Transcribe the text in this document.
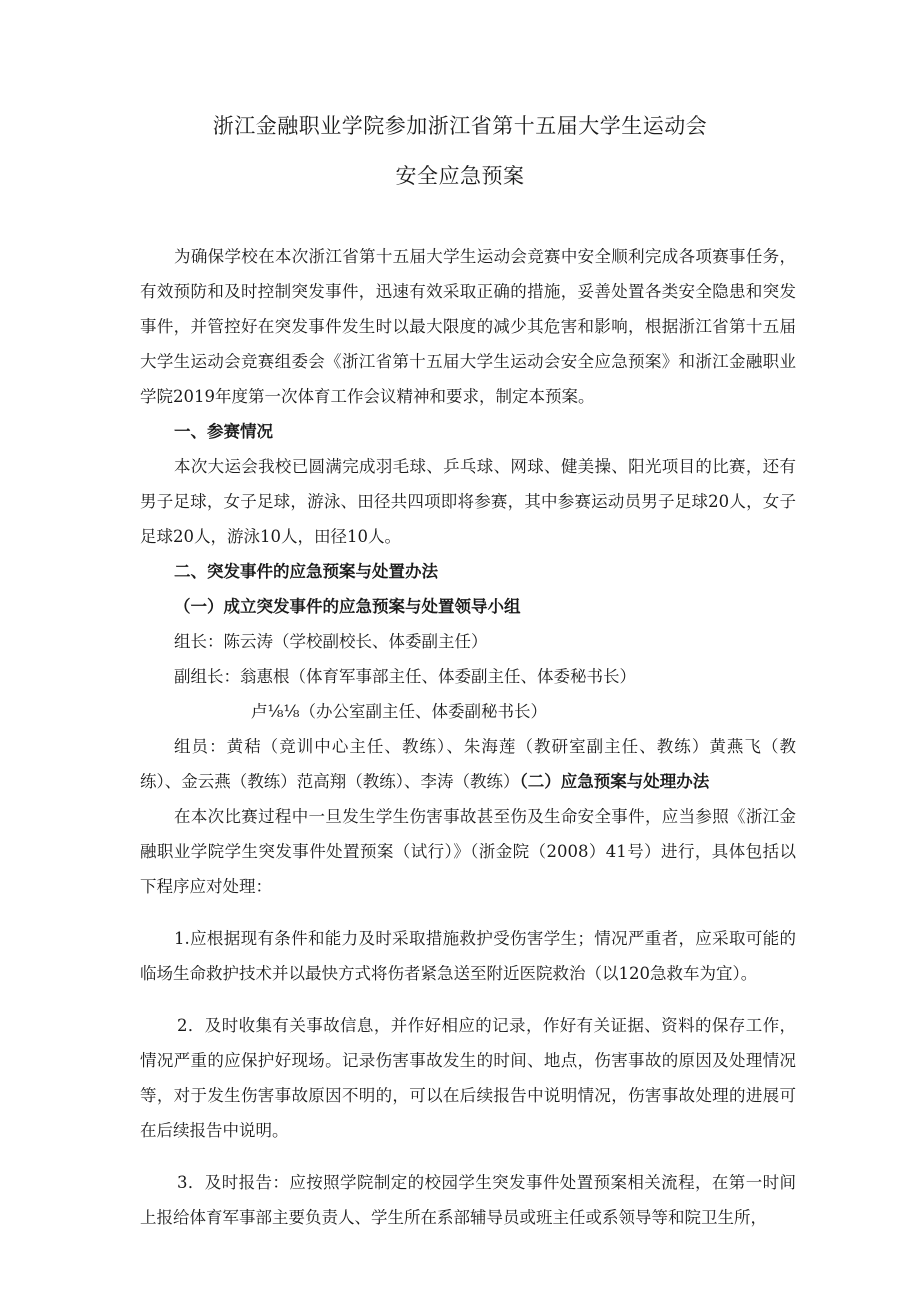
浙江金融职业学院参加浙江省第十五届大学生运动会
安全应急预案

为确保学校在本次浙江省第十五届大学生运动会竞赛中安全顺利完成各项赛事任务，有效预防和及时控制突发事件，迅速有效采取正确的措施，妥善处置各类安全隐患和突发事件，并管控好在突发事件发生时以最大限度的减少其危害和影响，根据浙江省第十五届大学生运动会竞赛组委会《浙江省第十五届大学生运动会安全应急预案》和浙江金融职业学院2019年度第一次体育工作会议精神和要求，制定本预案。

一、参赛情况

本次大运会我校已圆满完成羽毛球、乒乓球、网球、健美操、阳光项目的比赛，还有男子足球，女子足球，游泳、田径共四项即将参赛，其中参赛运动员男子足球20人，女子足球20人，游泳10人，田径10人。

二、突发事件的应急预案与处置办法

（一）成立突发事件的应急预案与处置领导小组

组长：陈云涛（学校副校长、体委副主任）

副组长：翁惠根（体育军事部主任、体委副主任、体委秘书长）

卢⅛⅛（办公室副主任、体委副秘书长）

组员：黄秸（竞训中心主任、教练）、朱海莲（教研室副主任、教练）黄燕飞（教练）、金云燕（教练）范高翔（教练）、李涛（教练）（二）应急预案与处理办法

在本次比赛过程中一旦发生学生伤害事故甚至伤及生命安全事件，应当参照《浙江金融职业学院学生突发事件处置预案（试行）》（浙金院（2008）41号）进行，具体包括以下程序应对处理：

1.应根据现有条件和能力及时采取措施救护受伤害学生；情况严重者，应采取可能的临场生命救护技术并以最快方式将伤者紧急送至附近医院救治（以120急救车为宜）。

2．及时收集有关事故信息，并作好相应的记录，作好有关证据、资料的保存工作，情况严重的应保护好现场。记录伤害事故发生的时间、地点，伤害事故的原因及处理情况等，对于发生伤害事故原因不明的，可以在后续报告中说明情况，伤害事故处理的进展可在后续报告中说明。

3．及时报告：应按照学院制定的校园学生突发事件处置预案相关流程，在第一时间上报给体育军事部主要负责人、学生所在系部辅导员或班主任或系领导等和院卫生所，
